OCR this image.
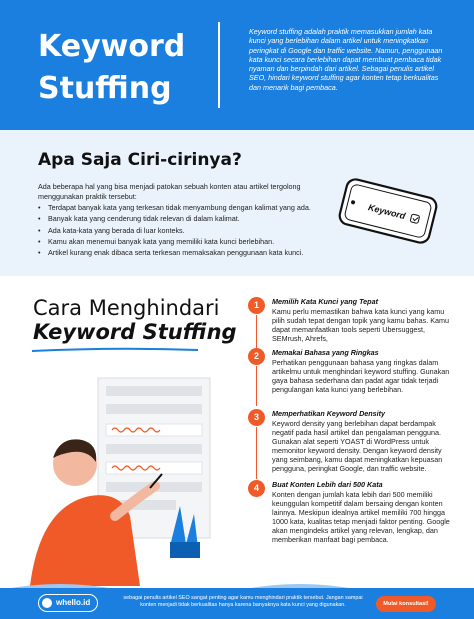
Keyword
Stuffing
Keyword stuffing adalah praktik memasukkan jumlah kata kunci yang berlebihan dalam artikel untuk meningkatkan peringkat di Google dan traffic website. Namun, penggunaan kata kunci secara berlebihan dapat membuat pembaca tidak nyaman dan berpindah dari artikel. Sebagai penulis artikel SEO, hindari keyword stuffing agar konten tetap berkualitas dan menarik bagi pembaca.
Apa Saja Ciri-cirinya?
Ada beberapa hal yang bisa menjadi patokan sebuah konten atau artikel tergolong menggunakan praktik tersebut:
• Terdapat banyak kata yang terkesan tidak menyambung dengan kalimat yang ada.
• Banyak kata yang cenderung tidak relevan di dalam kalimat.
• Ada kata-kata yang berada di luar konteks.
• Kamu akan menemui banyak kata yang memiliki kata kunci berlebihan.
• Artikel kurang enak dibaca serta terkesan memaksakan penggunaan kata kunci.
Keyword
Cara Menghindari
Keyword Stuffing
1	Memilih Kata Kunci yang Tepat
Kamu perlu memastikan bahwa kata kunci yang kamu pilih sudah tepat dengan topik yang kamu bahas. Kamu dapat memanfaatkan tools seperti Ubersuggest, SEMrush, Ahrefs,
2	Memakai Bahasa yang Ringkas
Perhatikan penggunaan bahasa yang ringkas dalam artikelmu untuk menghindari keyword stuffing. Gunakan gaya bahasa sederhana dan padat agar tidak terjadi pengulangan kata kunci yang berlebihan.
3	Memperhatikan Keyword Density
Keyword density yang berlebihan dapat berdampak negatif pada hasil artikel dan pengalaman pengguna. Gunakan alat seperti YOAST di WordPress untuk memonitor keyword density. Dengan keyword density yang seimbang, kamu dapat meningkatkan kepuasan pengguna, peringkat Google, dan traffic website.
4	Buat Konten Lebih dari 500 Kata
Konten dengan jumlah kata lebih dari 500 memiliki keunggulan kompetitif dalam bersaing dengan konten lainnya. Meskipun idealnya artikel memiliki 700 hingga 1000 kata, kualitas tetap menjadi faktor penting. Google akan mengindeks artikel yang relevan, lengkap, dan memberikan manfaat bagi pembaca.
whello.id	sebagai penulis artikel SEO sangat penting agar kamu menghindari praktik tersebut. Jangan sampai konten menjadi tidak berkualitas hanya karena banyaknya kata kunci yang digunakan.	Mulai konsultasi!
